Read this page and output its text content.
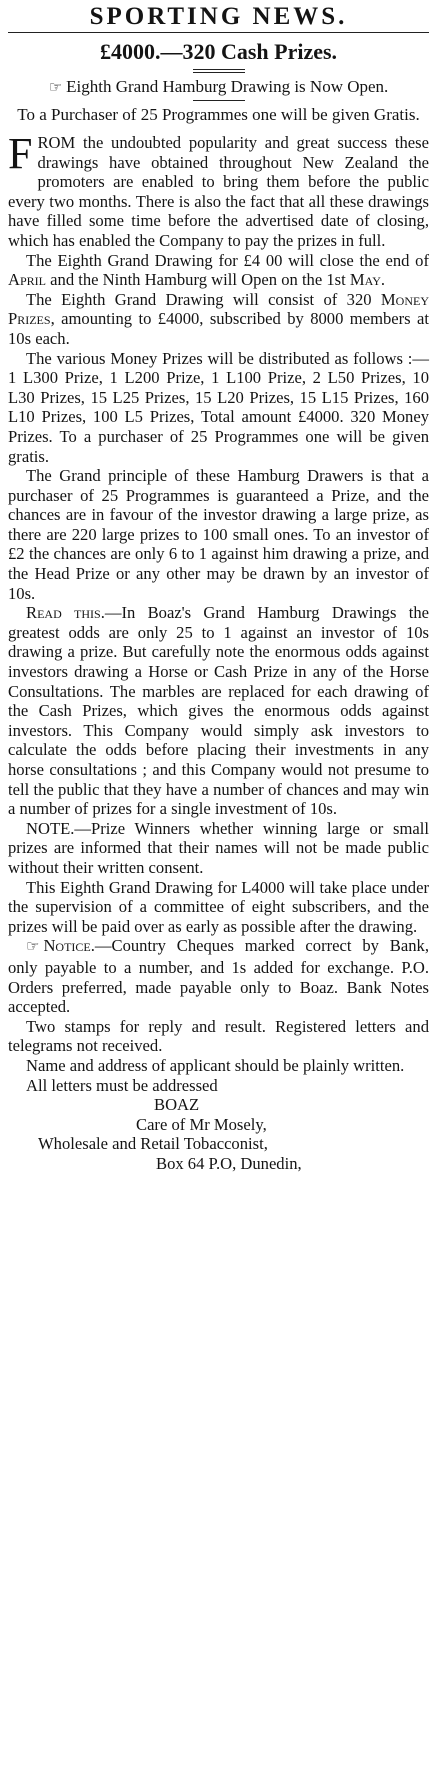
SPORTING NEWS.
£4000.—320 Cash Prizes.
☞ Eighth Grand Hamburg Drawing is Now Open.
To a Purchaser of 25 Programmes one will be given Gratis.

FROM the undoubted popularity and great success these drawings have obtained throughout New Zealand the promoters are enabled to bring them before the public every two months. There is also the fact that all these drawings have filled some time before the advertised date of closing, which has enabled the Company to pay the prizes in full.

The Eighth Grand Drawing for £4 00 will close the end of April and the Ninth Hamburg will Open on the 1st May.

The Eighth Grand Drawing will consist of 320 Money Prizes, amounting to £4000, subscribed by 8000 members at 10s each.

The various Money Prizes will be distributed as follows :—1 L300 Prize, 1 L200 Prize, 1 L100 Prize, 2 L50 Prizes, 10 L30 Prizes, 15 L25 Prizes, 15 L20 Prizes, 15 L15 Prizes, 160 L10 Prizes, 100 L5 Prizes, Total amount £4000. 320 Money Prizes. To a purchaser of 25 Programmes one will be given gratis.

The Grand principle of these Hamburg Drawers is that a purchaser of 25 Programmes is guaranteed a Prize, and the chances are in favour of the investor drawing a large prize, as there are 220 large prizes to 100 small ones. To an investor of £2 the chances are only 6 to 1 against him drawing a prize, and the Head Prize or any other may be drawn by an investor of 10s.

Read this.—In Boaz's Grand Hamburg Drawings the greatest odds are only 25 to 1 against an investor of 10s drawing a prize. But carefully note the enormous odds against investors drawing a Horse or Cash Prize in any of the Horse Consultations. The marbles are replaced for each drawing of the Cash Prizes, which gives the enormous odds against investors. This Company would simply ask investors to calculate the odds before placing their investments in any horse consultations ; and this Company would not presume to tell the public that they have a number of chances and may win a number of prizes for a single investment of 10s.

NOTE.—Prize Winners whether winning large or small prizes are informed that their names will not be made public without their written consent.

This Eighth Grand Drawing for L4000 will take place under the supervision of a committee of eight subscribers, and the prizes will be paid over as early as possible after the drawing.

☞ Notice.—Country Cheques marked correct by Bank, only payable to a number, and 1s added for exchange. P.O. Orders preferred, made payable only to Boaz. Bank Notes accepted.

Two stamps for reply and result. Registered letters and telegrams not received.

Name and address of applicant should be plainly written.

All letters must be addressed

BOAZ
Care of Mr Mosely,
Wholesale and Retail Tobacconist,
Box 64 P.O, Dunedin,
